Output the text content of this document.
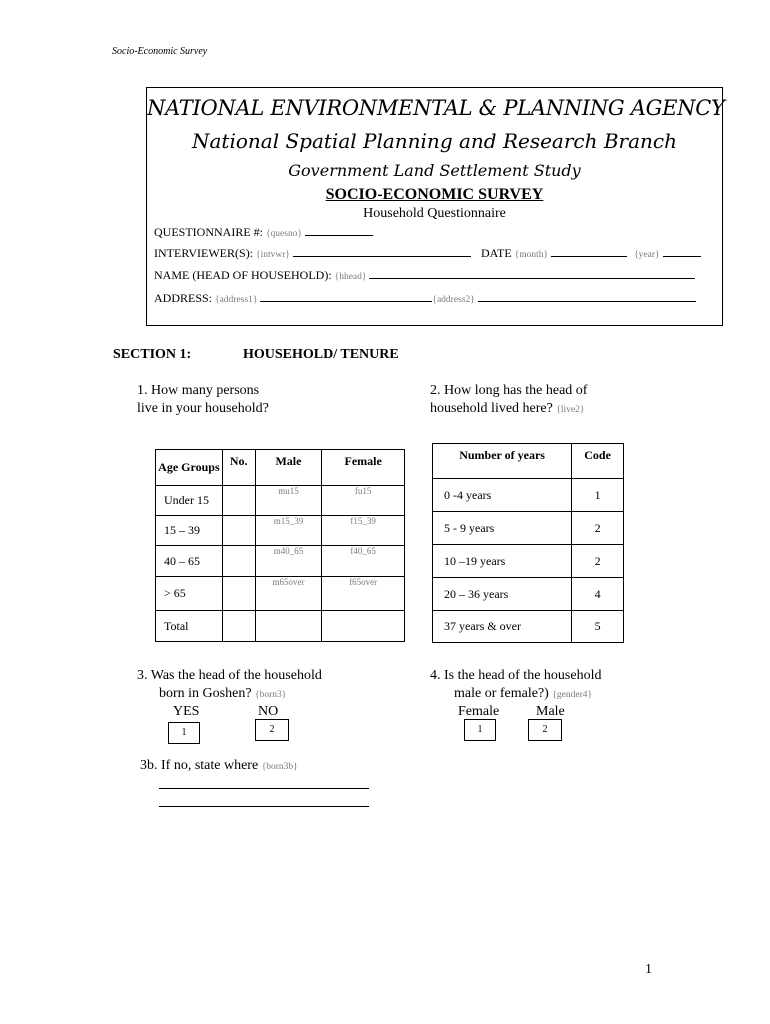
Socio-Economic Survey
NATIONAL ENVIRONMENTAL & PLANNING AGENCY
National Spatial Planning and Research Branch
Government Land Settlement Study
SOCIO-ECONOMIC SURVEY
Household Questionnaire
QUESTIONNAIRE #: {quesno}
INTERVIEWER(S): {intvwr}	DATE {month}	{year}
NAME (HEAD OF HOUSEHOLD): {hhead}
ADDRESS: {address1}	{address2}
SECTION 1:	HOUSEHOLD/ TENURE
1. How many persons
live in your household?
2. How long has the head of
household lived here? {live2}
Age Groups	No.	Male	Female
Under 15		mu15	fu15

15 – 39		m15_39	f15_39

40 – 65		m40_65	f40_65

> 65		m65over	f65over

Total		

Number of years	Code
0 -4 years	1
5 - 9 years	2
10 –19 years	2
20 – 36 years	4
37 years & over	5
3. Was the head of the household
born in Goshen? {born3}
YES	NO
1	2
4. Is the head of the household
male or female?) {gender4}
Female	Male
1	2
3b. If no, state where {born3b}
1
